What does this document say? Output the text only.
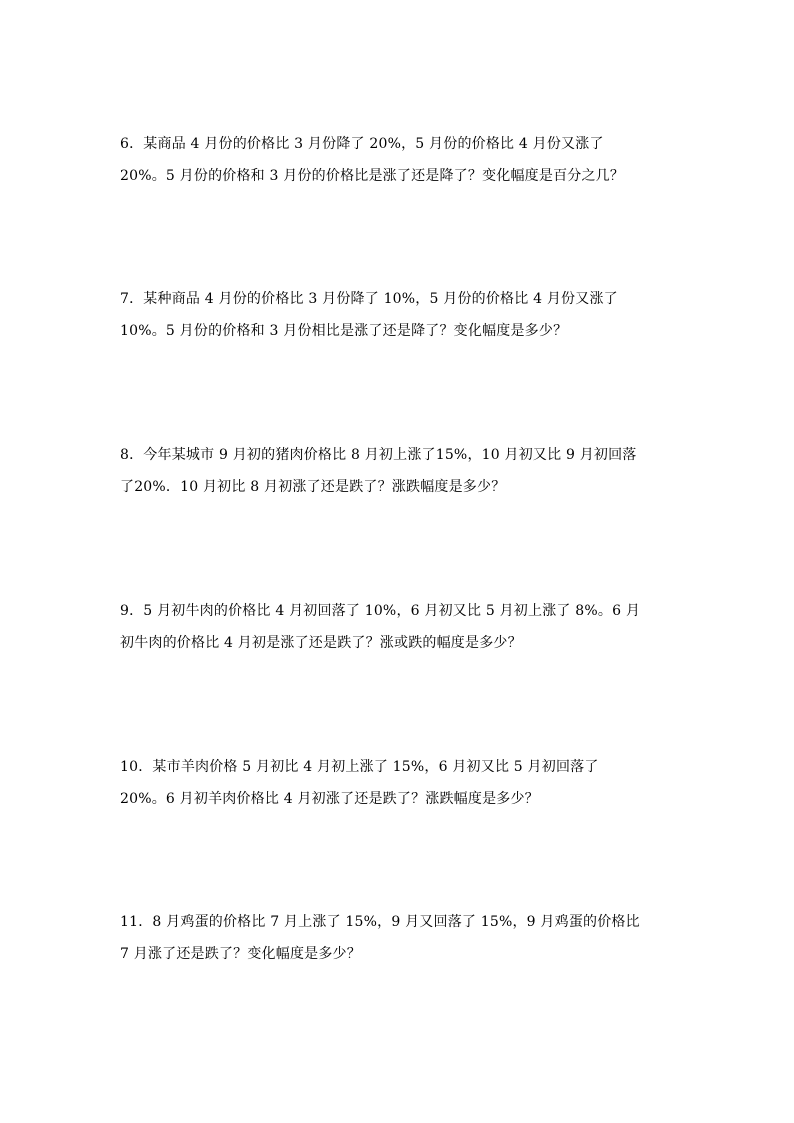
6．某商品 4 月份的价格比 3 月份降了 20%，5 月份的价格比 4 月份又涨了
20%。5 月份的价格和 3 月份的价格比是涨了还是降了？变化幅度是百分之几？
7．某种商品 4 月份的价格比 3 月份降了 10%，5 月份的价格比 4 月份又涨了
10%。5 月份的价格和 3 月份相比是涨了还是降了？变化幅度是多少？
8．今年某城市 9 月初的猪肉价格比 8 月初上涨了15%，10 月初又比 9 月初回落
了20%．10 月初比 8 月初涨了还是跌了？涨跌幅度是多少？
9．5 月初牛肉的价格比 4 月初回落了 10%，6 月初又比 5 月初上涨了 8%。6 月
初牛肉的价格比 4 月初是涨了还是跌了？涨或跌的幅度是多少？
10．某市羊肉价格 5 月初比 4 月初上涨了 15%，6 月初又比 5 月初回落了
20%。6 月初羊肉价格比 4 月初涨了还是跌了？涨跌幅度是多少？
11．8 月鸡蛋的价格比 7 月上涨了 15%，9 月又回落了 15%，9 月鸡蛋的价格比
7 月涨了还是跌了？变化幅度是多少？
